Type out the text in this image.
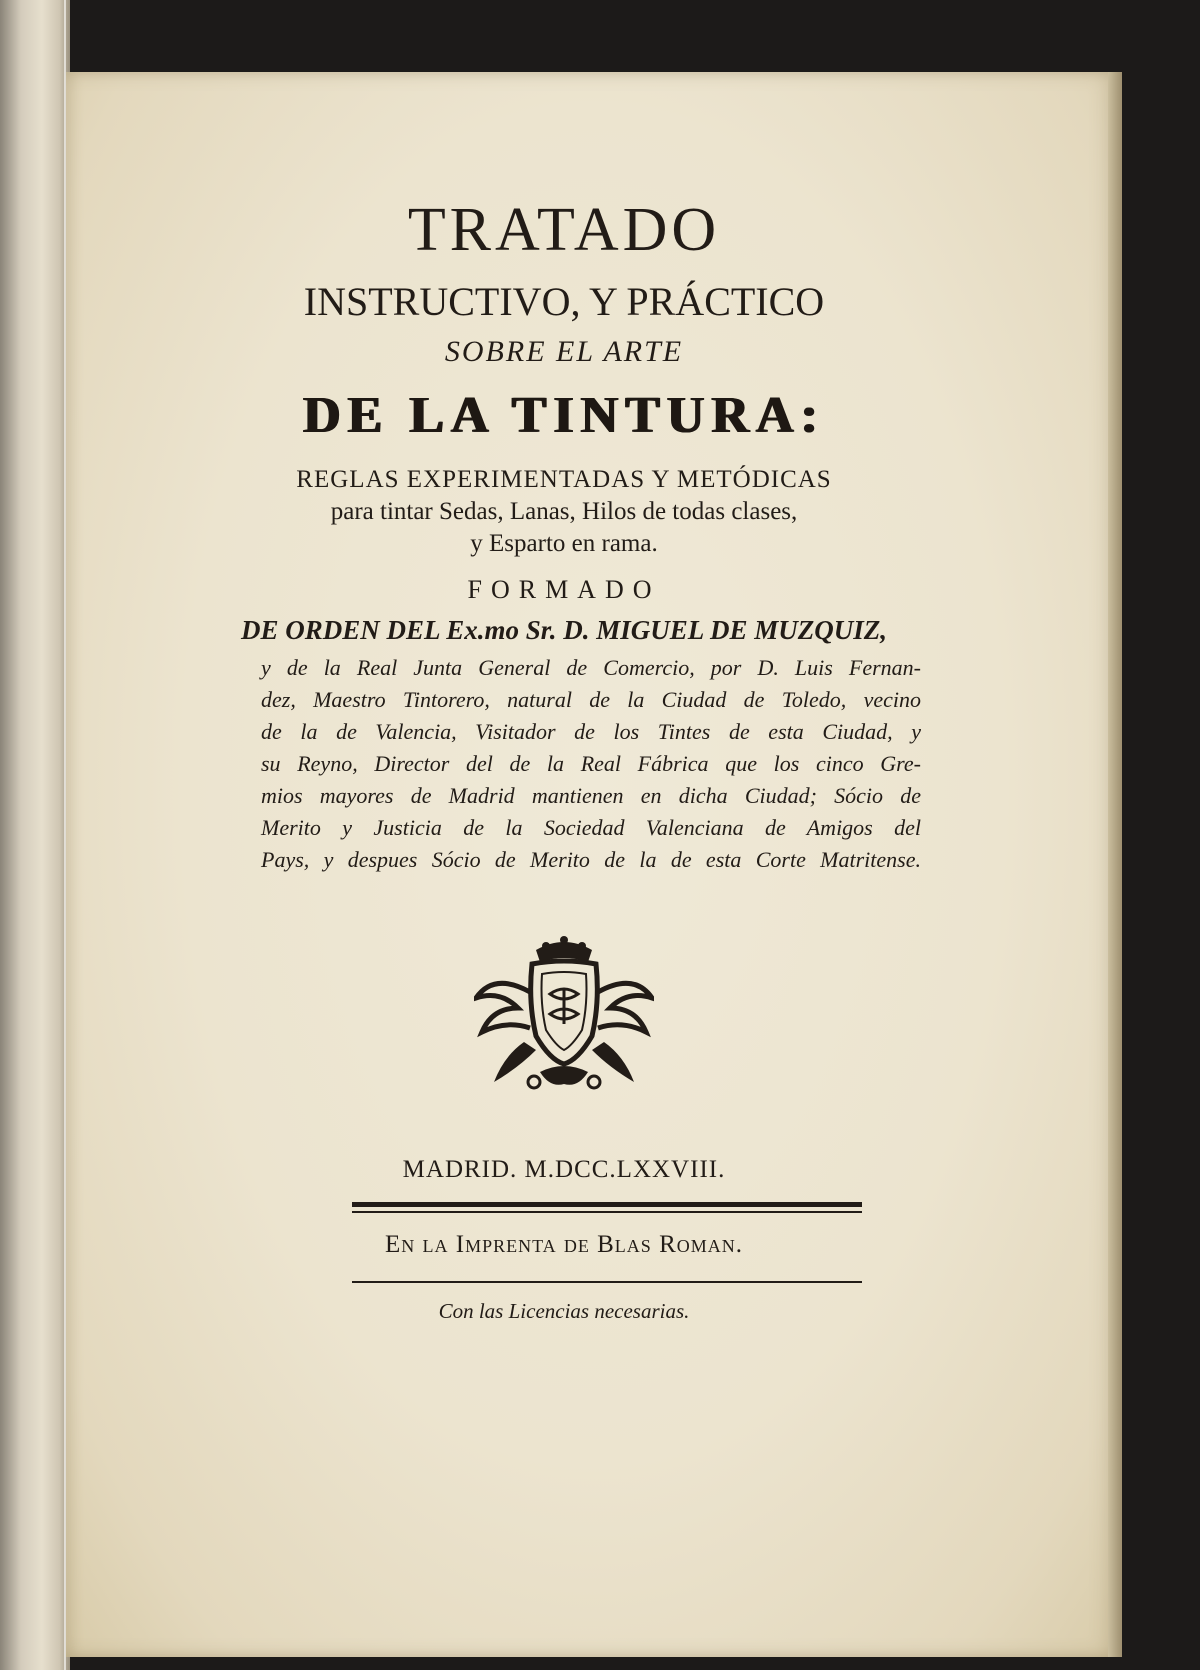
TRATADO
INSTRUCTIVO, Y PRÁCTICO
SOBRE EL ARTE
DE LA TINTURA:
REGLAS EXPERIMENTADAS Y METÓDICAS
para tintar Sedas, Lanas, Hilos de todas clases,
y Esparto en rama.
FORMADO
DE ORDEN DEL Ex.mo Sr. D. MIGUEL DE MUZQUIZ,
y de la Real Junta General de Comercio, por D. Luis Fernan-
dez, Maestro Tintorero, natural de la Ciudad de Toledo, vecino
de la de Valencia, Visitador de los Tintes de esta Ciudad, y
su Reyno, Director del de la Real Fábrica que los cinco Gre-
mios mayores de Madrid mantienen en dicha Ciudad; Sócio de
Merito y Justicia de la Sociedad Valenciana de Amigos del
Pays, y despues Sócio de Merito de la de esta Corte Matritense.
MADRID. M.DCC.LXXVIII.
En la Imprenta de Blas Roman.
Con las Licencias necesarias.
